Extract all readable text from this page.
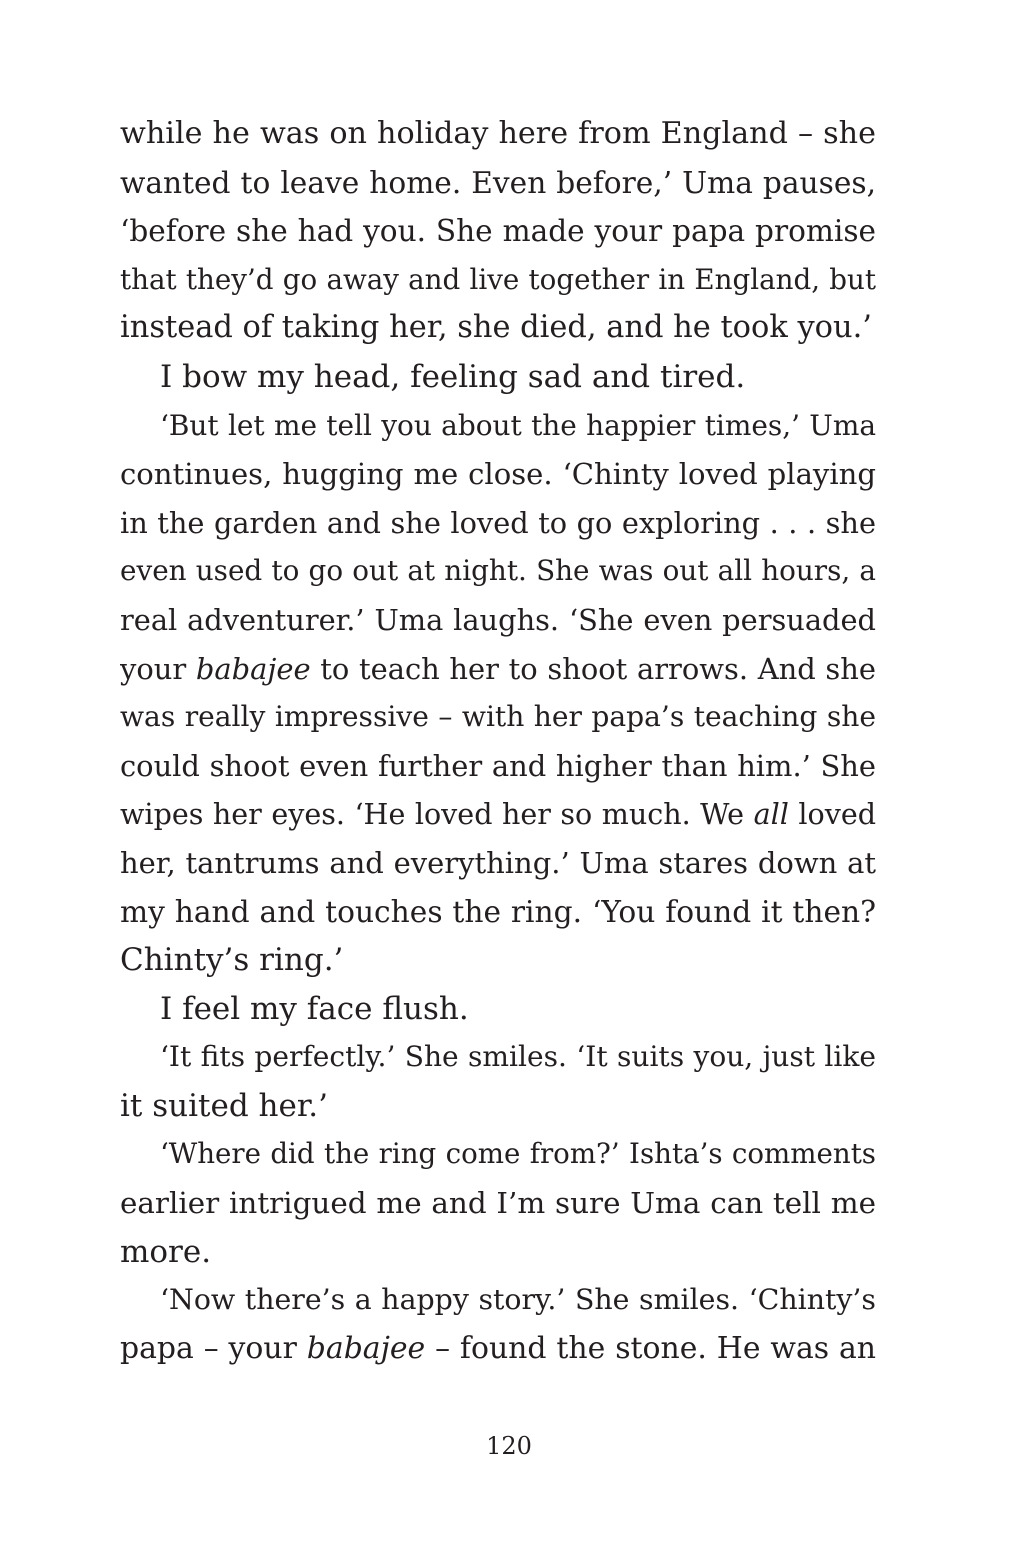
while he was on holiday here from England – she
wanted to leave home. Even before,’ Uma pauses,
‘before she had you. She made your papa promise
that they’d go away and live together in England, but
instead of taking her, she died, and he took you.’
I bow my head, feeling sad and tired.
‘But let me tell you about the happier times,’ Uma
continues, hugging me close. ‘Chinty loved playing
in the garden and she loved to go exploring . . . she
even used to go out at night. She was out all hours, a
real adventurer.’ Uma laughs. ‘She even persuaded
your babajee to teach her to shoot arrows. And she
was really impressive – with her papa’s teaching she
could shoot even further and higher than him.’ She
wipes her eyes. ‘He loved her so much. We all loved
her, tantrums and everything.’ Uma stares down at
my hand and touches the ring. ‘You found it then?
Chinty’s ring.’
I feel my face flush.
‘It fits perfectly.’ She smiles. ‘It suits you, just like
it suited her.’
‘Where did the ring come from?’ Ishta’s comments
earlier intrigued me and I’m sure Uma can tell me
more.
‘Now there’s a happy story.’ She smiles. ‘Chinty’s
papa – your babajee – found the stone. He was an
120
